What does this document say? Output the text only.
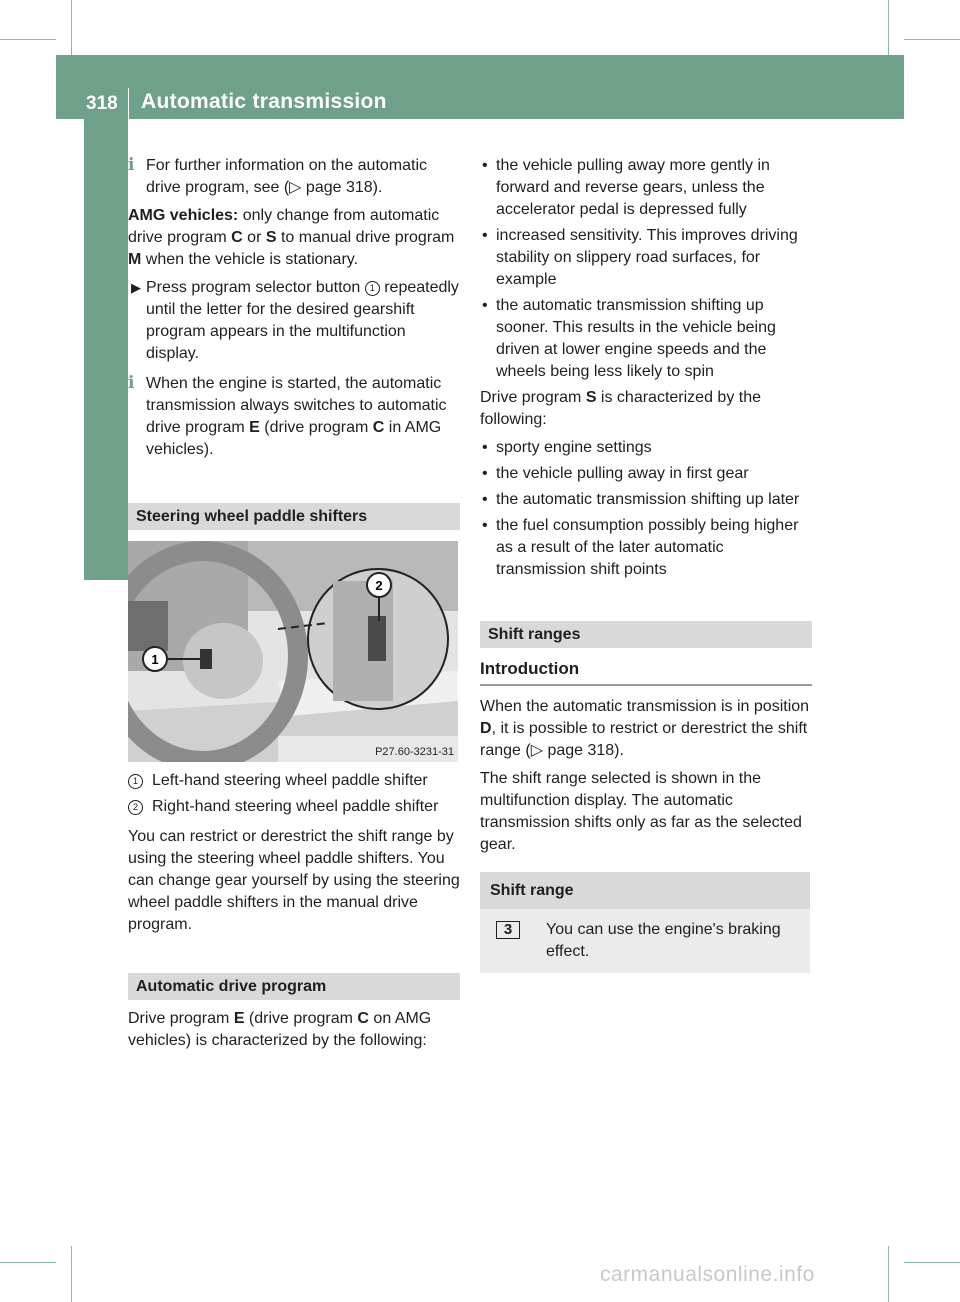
318 Automatic transmission
Driving and parking

i For further information on the automatic drive program, see (▷ page 318).

AMG vehicles: only change from automatic drive program C or S to manual drive program M when the vehicle is stationary.

▶ Press program selector button 1 repeatedly until the letter for the desired gearshift program appears in the multifunction display.

i When the engine is started, the automatic transmission always switches to automatic drive program E (drive program C in AMG vehicles).

Steering wheel paddle shifters
1
2
P27.60-3231-31

1 Left-hand steering wheel paddle shifter

2 Right-hand steering wheel paddle shifter

You can restrict or derestrict the shift range by using the steering wheel paddle shifters. You can change gear yourself by using the steering wheel paddle shifters in the manual drive program.

Automatic drive program

Drive program E (drive program C on AMG vehicles) is characterized by the following:

• the vehicle pulling away more gently in forward and reverse gears, unless the accelerator pedal is depressed fully

• increased sensitivity. This improves driving stability on slippery road surfaces, for example

• the automatic transmission shifting up sooner. This results in the vehicle being driven at lower engine speeds and the wheels being less likely to spin

Drive program S is characterized by the following:

• sporty engine settings

• the vehicle pulling away in first gear

• the automatic transmission shifting up later

• the fuel consumption possibly being higher as a result of the later automatic transmission shift points

Shift ranges
Introduction

When the automatic transmission is in position D, it is possible to restrict or derestrict the shift range (▷ page 318).

The shift range selected is shown in the multifunction display. The automatic transmission shifts only as far as the selected gear.

Shift range
3	You can use the engine's braking effect.
carmanualsonline.info
